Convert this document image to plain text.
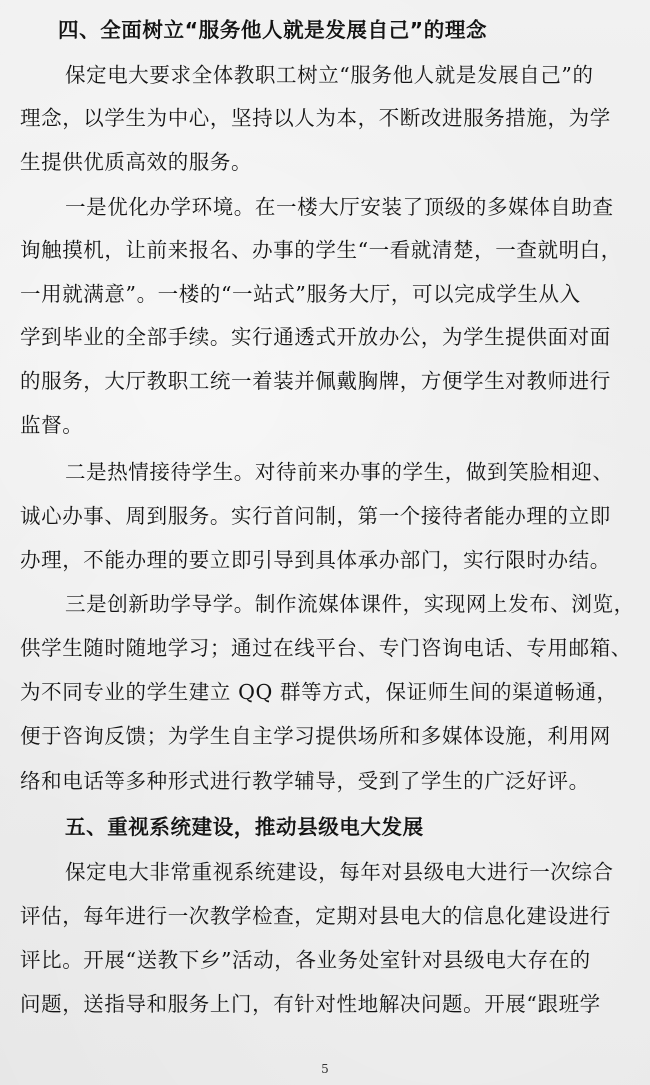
四、全面树立“服务他人就是发展自己”的理念

保定电大要求全体教职工树立“服务他人就是发展自己”的

理念，以学生为中心，坚持以人为本，不断改进服务措施，为学

生提供优质高效的服务。

一是优化办学环境。在一楼大厅安装了顶级的多媒体自助查

询触摸机，让前来报名、办事的学生“一看就清楚，一查就明白，

一用就满意”。一楼的“一站式”服务大厅，可以完成学生从入

学到毕业的全部手续。实行通透式开放办公，为学生提供面对面

的服务，大厅教职工统一着装并佩戴胸牌，方便学生对教师进行

监督。

二是热情接待学生。对待前来办事的学生，做到笑脸相迎、

诚心办事、周到服务。实行首问制，第一个接待者能办理的立即

办理，不能办理的要立即引导到具体承办部门，实行限时办结。

三是创新助学导学。制作流媒体课件，实现网上发布、浏览，

供学生随时随地学习；通过在线平台、专门咨询电话、专用邮箱、

为不同专业的学生建立 QQ 群等方式，保证师生间的渠道畅通，

便于咨询反馈；为学生自主学习提供场所和多媒体设施，利用网

络和电话等多种形式进行教学辅导，受到了学生的广泛好评。

五、重视系统建设，推动县级电大发展

保定电大非常重视系统建设，每年对县级电大进行一次综合

评估，每年进行一次教学检查，定期对县电大的信息化建设进行

评比。开展“送教下乡”活动，各业务处室针对县级电大存在的

问题，送指导和服务上门，有针对性地解决问题。开展“跟班学

5
